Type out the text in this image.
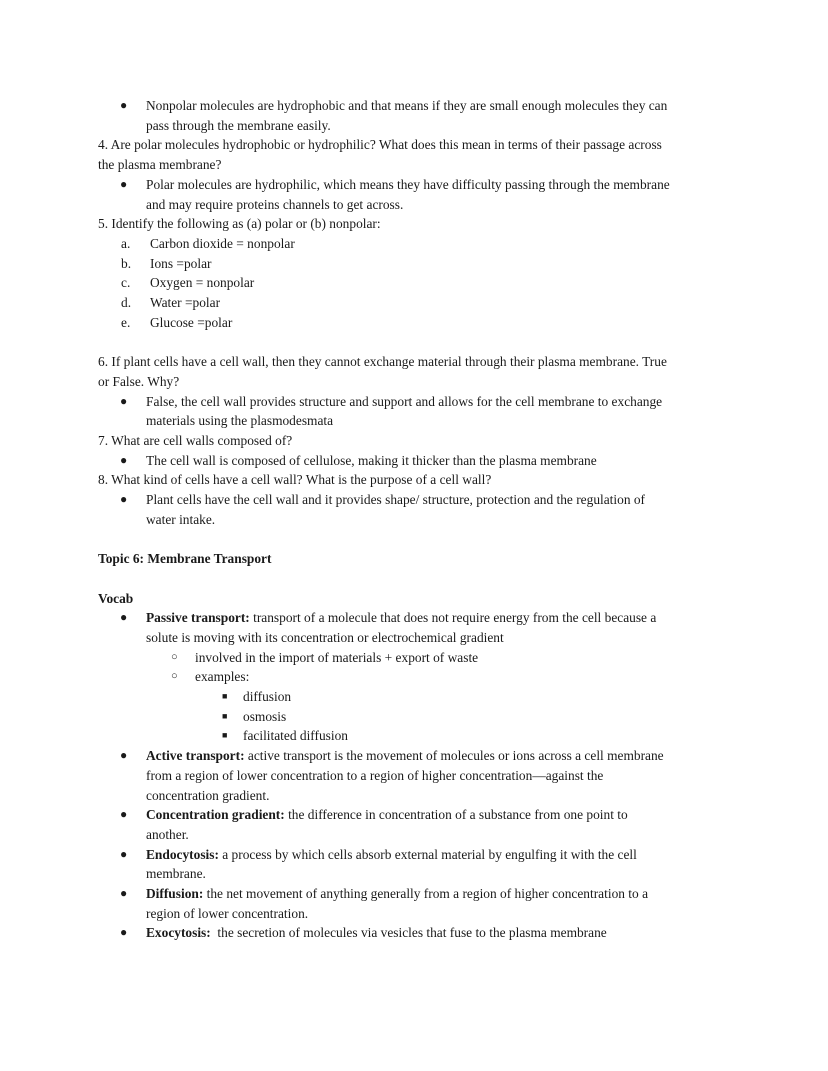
● Nonpolar molecules are hydrophobic and that means if they are small enough molecules they can
pass through the membrane easily.
4. Are polar molecules hydrophobic or hydrophilic? What does this mean in terms of their passage across
the plasma membrane?
● Polar molecules are hydrophilic, which means they have difficulty passing through the membrane
and may require proteins channels to get across.
5. Identify the following as (a) polar or (b) nonpolar:
a. Carbon dioxide = nonpolar
b. Ions =polar
c. Oxygen = nonpolar
d. Water =polar
e. Glucose =polar
6. If plant cells have a cell wall, then they cannot exchange material through their plasma membrane. True
or False. Why?
● False, the cell wall provides structure and support and allows for the cell membrane to exchange
materials using the plasmodesmata
7. What are cell walls composed of?
● The cell wall is composed of cellulose, making it thicker than the plasma membrane
8. What kind of cells have a cell wall? What is the purpose of a cell wall?
● Plant cells have the cell wall and it provides shape/ structure, protection and the regulation of
water intake.
Topic 6: Membrane Transport
Vocab
● Passive transport: transport of a molecule that does not require energy from the cell because a
solute is moving with its concentration or electrochemical gradient
○ involved in the import of materials + export of waste
○ examples:
■ diffusion
■ osmosis
■ facilitated diffusion
● Active transport: active transport is the movement of molecules or ions across a cell membrane
from a region of lower concentration to a region of higher concentration—against the
concentration gradient.
● Concentration gradient: the difference in concentration of a substance from one point to
another.
● Endocytosis: a process by which cells absorb external material by engulfing it with the cell
membrane.
● Diffusion: the net movement of anything generally from a region of higher concentration to a
region of lower concentration.
● Exocytosis:  the secretion of molecules via vesicles that fuse to the plasma membrane
